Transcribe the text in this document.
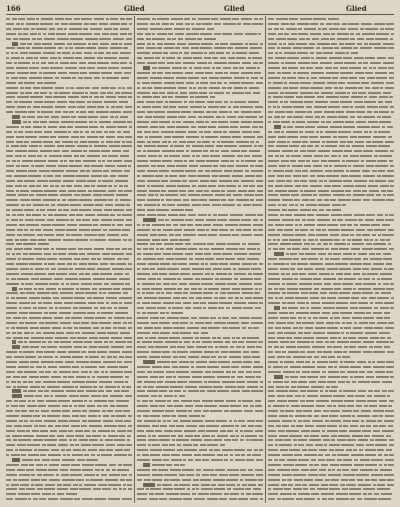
166	Glied	Glied	Glied
